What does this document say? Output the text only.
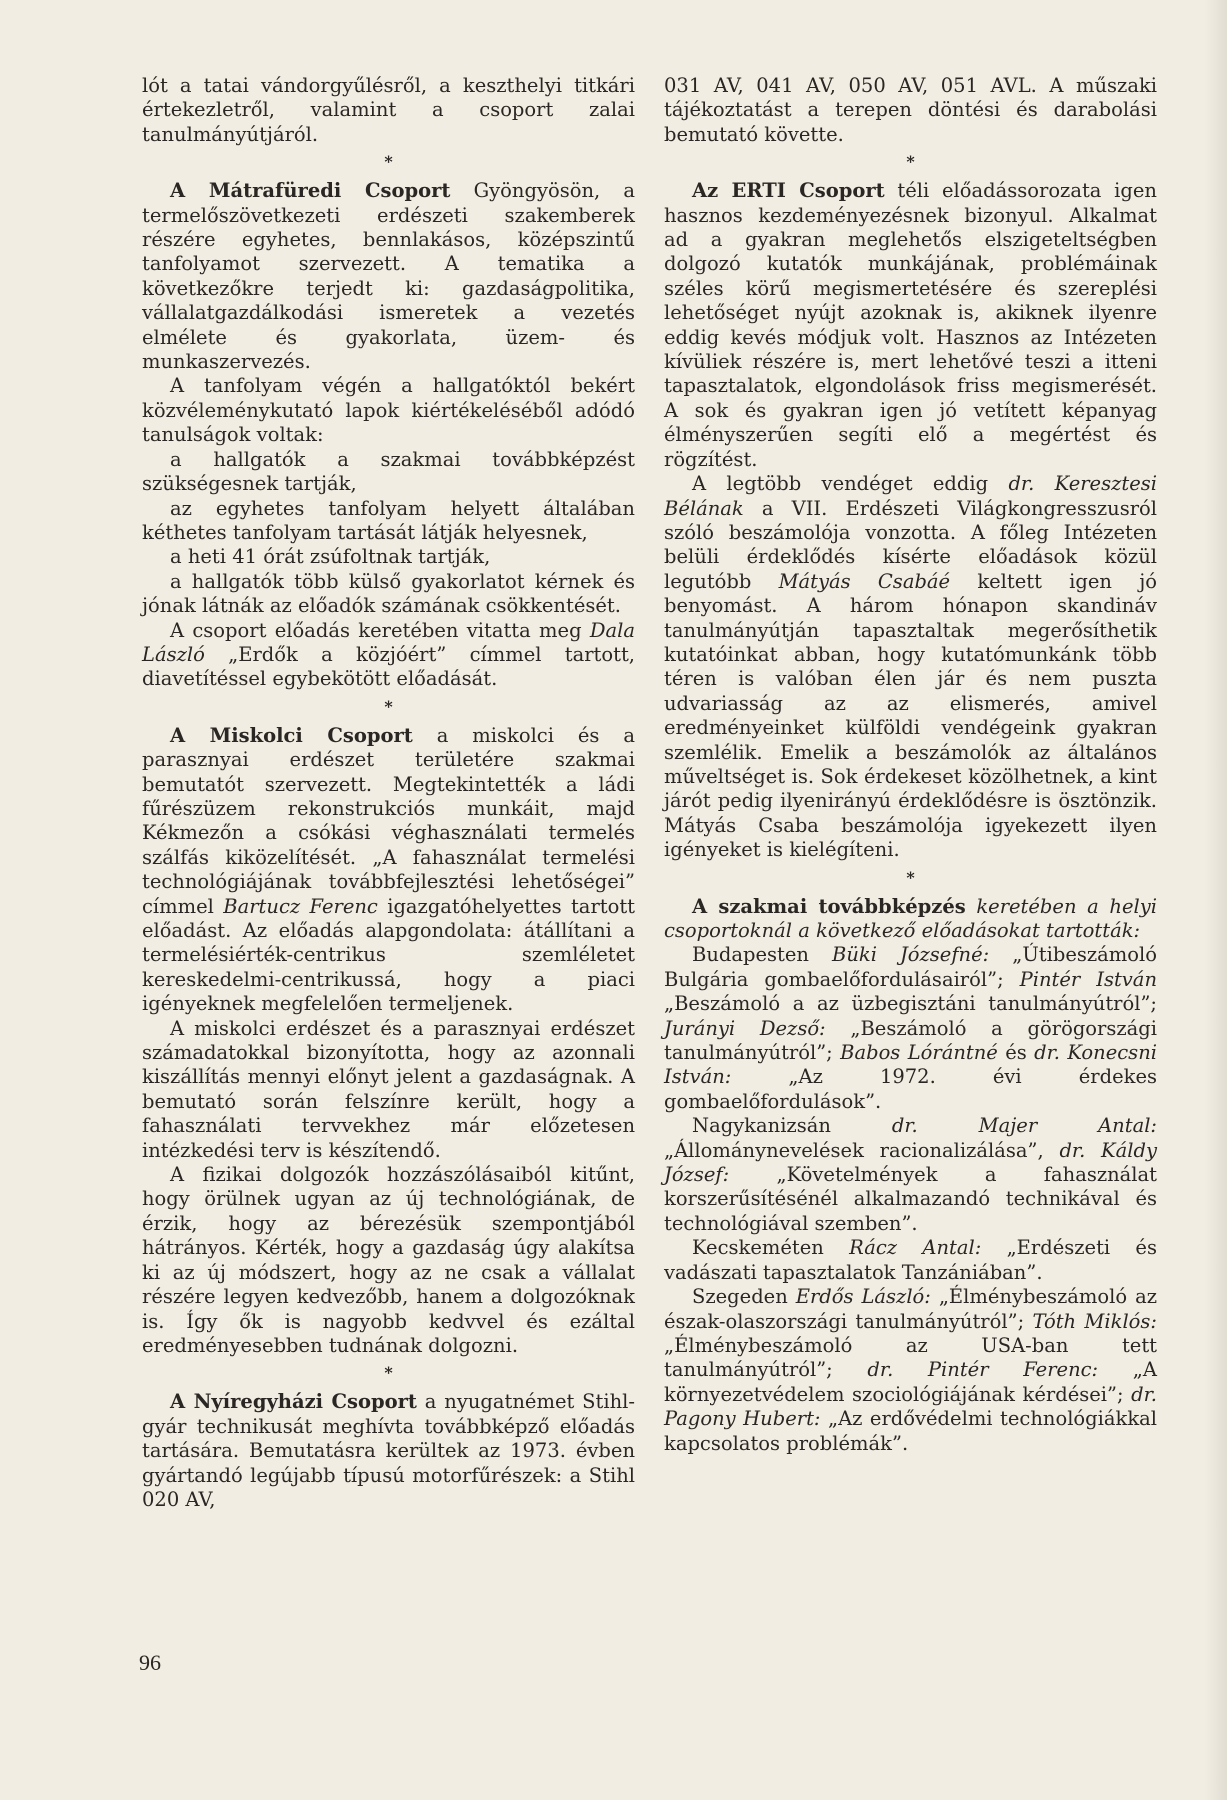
lót a tatai vándorgyűlésről, a keszthelyi titkári értekezletről, valamint a csoport zalai tanulmányútjáról.

*

A Mátrafüredi Csoport Gyöngyösön, a termelőszövetkezeti erdészeti szakemberek részére egyhetes, bennlakásos, középszintű tanfolyamot szervezett. A tematika a következőkre terjedt ki: gazdaságpolitika, vállalatgazdálkodási ismeretek a vezetés elmélete és gyakorlata, üzem- és munkaszervezés.

A tanfolyam végén a hallgatóktól bekért közvéleménykutató lapok kiértékeléséből adódó tanulságok voltak:

a hallgatók a szakmai továbbképzést szükségesnek tartják,

az egyhetes tanfolyam helyett általában kéthetes tanfolyam tartását látják helyesnek,

a heti 41 órát zsúfoltnak tartják,

a hallgatók több külső gyakorlatot kérnek és jónak látnák az előadók számának csökkentését.

A csoport előadás keretében vitatta meg Dala László „Erdők a közjóért” címmel tartott, diavetítéssel egybekötött előadását.

*

A Miskolci Csoport a miskolci és a parasznyai erdészet területére szakmai bemutatót szervezett. Megtekintették a ládi fűrészüzem rekonstrukciós munkáit, majd Kékmezőn a csókási véghasználati termelés szálfás kiközelítését. „A fahasználat termelési technológiájának továbbfejlesztési lehetőségei” címmel Bartucz Ferenc igazgatóhelyettes tartott előadást. Az előadás alapgondolata: átállítani a termelésiérték-centrikus szemléletet kereskedelmi-centrikussá, hogy a piaci igényeknek megfelelően termeljenek.

A miskolci erdészet és a parasznyai erdészet számadatokkal bizonyította, hogy az azonnali kiszállítás mennyi előnyt jelent a gazdaságnak. A bemutató során felszínre került, hogy a fahasználati tervvekhez már előzetesen intézkedési terv is készítendő.

A fizikai dolgozók hozzászólásaiból kitűnt, hogy örülnek ugyan az új technológiának, de érzik, hogy az bérezésük szempontjából hátrányos. Kérték, hogy a gazdaság úgy alakítsa ki az új módszert, hogy az ne csak a vállalat részére legyen kedvezőbb, hanem a dolgozóknak is. Így ők is nagyobb kedvvel és ezáltal eredményesebben tudnának dolgozni.

*

A Nyíregyházi Csoport a nyugatnémet Stihl-gyár technikusát meghívta továbbképző előadás tartására. Bemutatásra kerültek az 1973. évben gyártandó legújabb típusú motorfűrészek: a Stihl 020 AV,

031 AV, 041 AV, 050 AV, 051 AVL. A műszaki tájékoztatást a terepen döntési és darabolási bemutató követte.

*

Az ERTI Csoport téli előadássorozata igen hasznos kezdeményezésnek bizonyul. Alkalmat ad a gyakran meglehetős elszigeteltségben dolgozó kutatók munkájának, problémáinak széles körű megismertetésére és szereplési lehetőséget nyújt azoknak is, akiknek ilyenre eddig kevés módjuk volt. Hasznos az Intézeten kívüliek részére is, mert lehetővé teszi a itteni tapasztalatok, elgondolások friss megismerését. A sok és gyakran igen jó vetített képanyag élményszerűen segíti elő a megértést és rögzítést.

A legtöbb vendéget eddig dr. Keresztesi Bélának a VII. Erdészeti Világkongresszusról szóló beszámolója vonzotta. A főleg Intézeten belüli érdeklődés kísérte előadások közül legutóbb Mátyás Csabáé keltett igen jó benyomást. A három hónapon skandináv tanulmányútján tapasztaltak megerősíthetik kutatóinkat abban, hogy kutatómunkánk több téren is valóban élen jár és nem puszta udvariasság az az elismerés, amivel eredményeinket külföldi vendégeink gyakran szemlélik. Emelik a beszámolók az általános műveltséget is. Sok érdekeset közölhetnek, a kint járót pedig ilyenirányú érdeklődésre is ösztönzik. Mátyás Csaba beszámolója igyekezett ilyen igényeket is kielégíteni.

*

A szakmai továbbképzés keretében a helyi csoportoknál a következő előadásokat tartották:

Budapesten Büki Józsefné: „Útibeszámoló Bulgária gombaelőfordulásairól”; Pintér István „Beszámoló a az üzbegisztáni tanulmányútról”; Jurányi Dezső: „Beszámoló a görögországi tanulmányútról”; Babos Lórántné és dr. Konecsni István: „Az 1972. évi érdekes gombaelőfordulások”.

Nagykanizsán dr. Majer Antal: „Állománynevelések racionalizálása”, dr. Káldy József: „Követelmények a fahasználat korszerűsítésénél alkalmazandó technikával és technológiával szemben”.

Kecskeméten Rácz Antal: „Erdészeti és vadászati tapasztalatok Tanzániában”.

Szegeden Erdős László: „Élménybeszámoló az észak-olaszországi tanulmányútról”; Tóth Miklós: „Élménybeszámoló az USA-ban tett tanulmányútról”; dr. Pintér Ferenc: „A környezetvédelem szociológiájának kérdései”; dr. Pagony Hubert: „Az erdővédelmi technológiákkal kapcsolatos problémák”.

96
